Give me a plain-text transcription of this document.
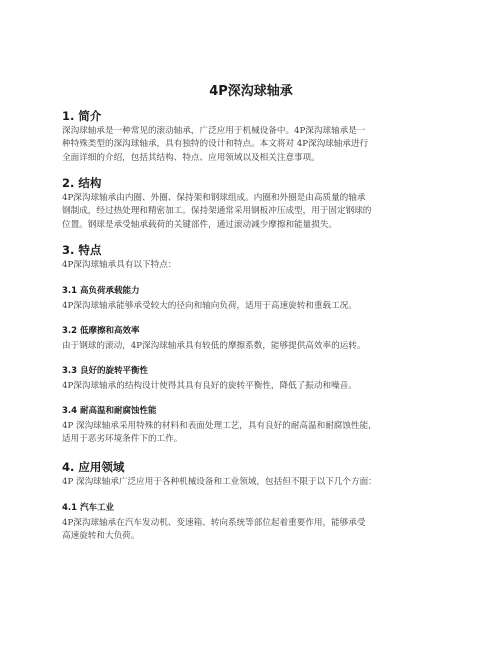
4P深沟球轴承
1. 简介
深沟球轴承是一种常见的滚动轴承，广泛应用于机械设备中。4P深沟球轴承是一
种特殊类型的深沟球轴承，具有独特的设计和特点。本文将对 4P深沟球轴承进行
全面详细的介绍，包括其结构、特点、应用领域以及相关注意事项。
2. 结构
4P深沟球轴承由内圈、外圈、保持架和钢球组成。内圈和外圈是由高质量的轴承
钢制成，经过热处理和精密加工。保持架通常采用钢板冲压成型，用于固定钢球的
位置。钢球是承受轴承载荷的关键部件，通过滚动减少摩擦和能量损失。
3. 特点
4P深沟球轴承具有以下特点：
3.1 高负荷承载能力
4P深沟球轴承能够承受较大的径向和轴向负荷，适用于高速旋转和重载工况。
3.2 低摩擦和高效率
由于钢球的滚动，4P深沟球轴承具有较低的摩擦系数，能够提供高效率的运转。
3.3 良好的旋转平衡性
4P深沟球轴承的结构设计使得其具有良好的旋转平衡性，降低了振动和噪音。
3.4 耐高温和耐腐蚀性能
4P 深沟球轴承采用特殊的材料和表面处理工艺，具有良好的耐高温和耐腐蚀性能，
适用于恶劣环境条件下的工作。
4. 应用领域
4P 深沟球轴承广泛应用于各种机械设备和工业领域，包括但不限于以下几个方面：
4.1 汽车工业
4P深沟球轴承在汽车发动机、变速箱、转向系统等部位起着重要作用，能够承受
高速旋转和大负荷。
